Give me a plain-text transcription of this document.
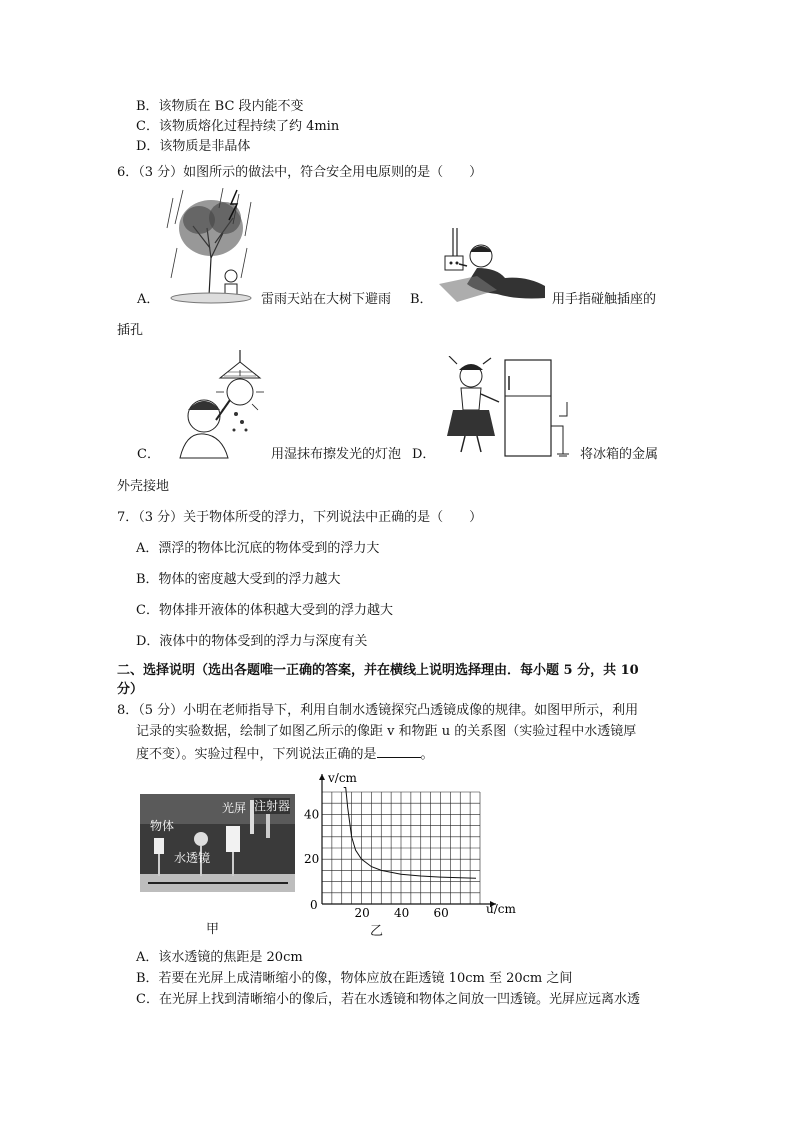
B．该物质在 BC 段内能不变
C．该物质熔化过程持续了约 4min
D．该物质是非晶体
6．（3 分）如图所示的做法中，符合安全用电原则的是（　　）
A．	雷雨天站在大树下避雨 B．	用手指碰触插座的
插孔
C．	用湿抹布擦发光的灯泡 D．	将冰箱的金属
外壳接地
7．（3 分）关于物体所受的浮力，下列说法中正确的是（　　）
A．漂浮的物体比沉底的物体受到的浮力大
B．物体的密度越大受到的浮力越大
C．物体排开液体的体积越大受到的浮力越大
D．液体中的物体受到的浮力与深度有关
二、选择说明（选出各题唯一正确的答案，并在横线上说明选择理由．每小题 5 分，共 10
分）
8．（5 分）小明在老师指导下，利用自制水透镜探究凸透镜成像的规律。如图甲所示，利用
记录的实验数据，绘制了如图乙所示的像距 v 和物距 u 的关系图（实验过程中水透镜厚
度不变）。实验过程中，下列说法正确的是	。
物体
光屏 注射器
水透镜
甲
20 40 60
20
40
v/cm
u/cm
0
乙
A．该水透镜的焦距是 20cm
B．若要在光屏上成清晰缩小的像，物体应放在距透镜 10cm 至 20cm 之间
C．在光屏上找到清晰缩小的像后，若在水透镜和物体之间放一凹透镜。光屏应远离水透
